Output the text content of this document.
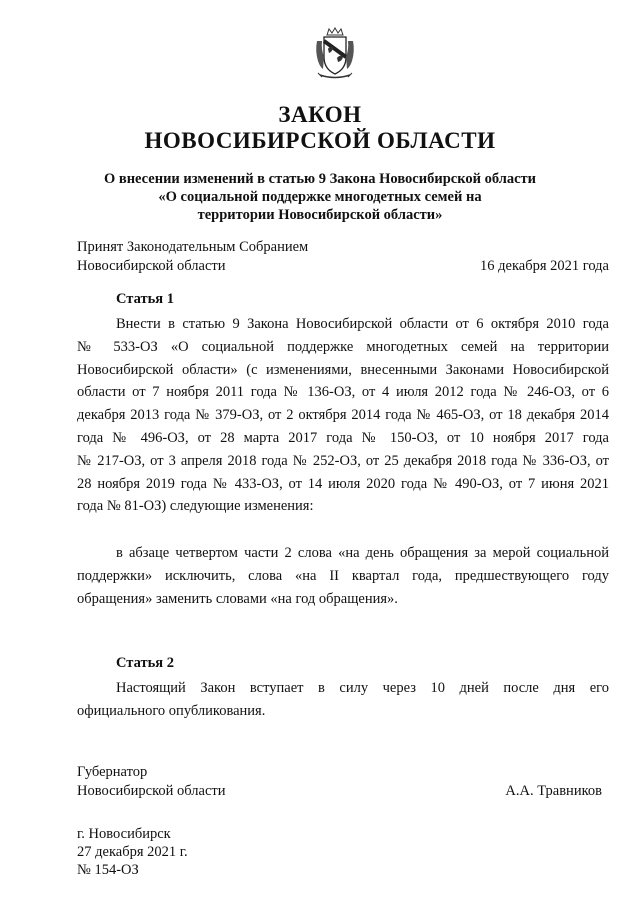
ЗАКОН
НОВОСИБИРСКОЙ ОБЛАСТИ
О внесении изменений в статью 9 Закона Новосибирской области
«О социальной поддержке многодетных семей на
территории Новосибирской области»
Принят Законодательным Собранием
Новосибирской области	16 декабря 2021 года
Статья 1
Внести в статью 9 Закона Новосибирской области от 6 октября 2010 года
№ 533-ОЗ «О социальной поддержке многодетных семей на территории
Новосибирской области» (с изменениями, внесенными Законами Новосибирской
области от 7 ноября 2011 года № 136-ОЗ, от 4 июля 2012 года № 246-ОЗ, от 6
декабря 2013 года № 379-ОЗ, от 2 октября 2014 года № 465-ОЗ, от 18 декабря 2014
года № 496-ОЗ, от 28 марта 2017 года № 150-ОЗ, от 10 ноября 2017 года
№ 217-ОЗ, от 3 апреля 2018 года № 252-ОЗ, от 25 декабря 2018 года № 336-ОЗ, от
28 ноября 2019 года № 433-ОЗ, от 14 июля 2020 года № 490-ОЗ, от 7 июня 2021
года № 81-ОЗ) следующие изменения:
в абзаце четвертом части 2 слова «на день обращения за мерой социальной
поддержки» исключить, слова «на II квартал года, предшествующего году
обращения» заменить словами «на год обращения».
Статья 2
Настоящий Закон вступает в силу через 10 дней после дня его
официального опубликования.
Губернатор
Новосибирской области	А.А. Травников
г. Новосибирск
27 декабря 2021 г.
№ 154-ОЗ
